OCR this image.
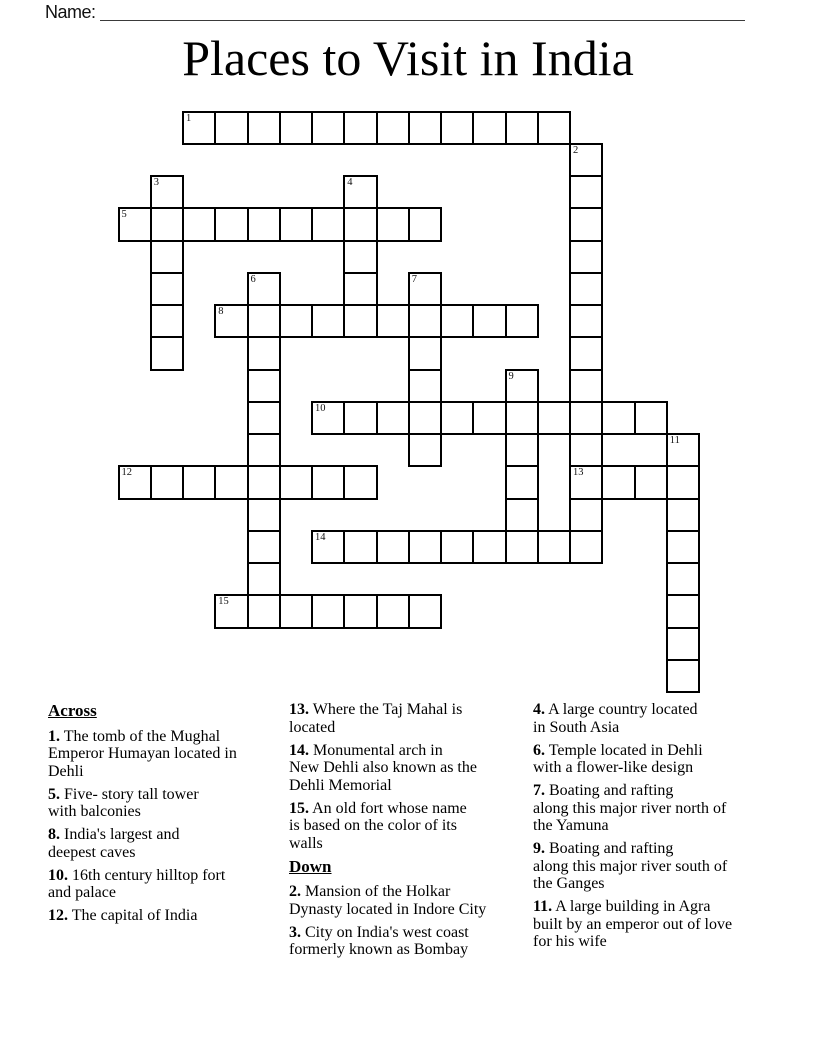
Name:
Places to Visit in India
1
2
13
3	4
5
6	7
8
9
10
11
12
14
15
Across
1. The tomb of the Mughal
Emperor Humayan located in
Dehli
5. Five- story tall tower
with balconies
8. India's largest and
deepest caves
10. 16th century hilltop fort
and palace
12. The capital of India
13. Where the Taj Mahal is
located
14. Monumental arch in
New Dehli also known as the
Dehli Memorial
15. An old fort whose name
is based on the color of its
walls
Down
2. Mansion of the Holkar
Dynasty located in Indore City
3. City on India's west coast
formerly known as Bombay
4. A large country located
in South Asia
6. Temple located in Dehli
with a flower-like design
7. Boating and rafting
along this major river north of
the Yamuna
9. Boating and rafting
along this major river south of
the Ganges
11. A large building in Agra
built by an emperor out of love
for his wife
